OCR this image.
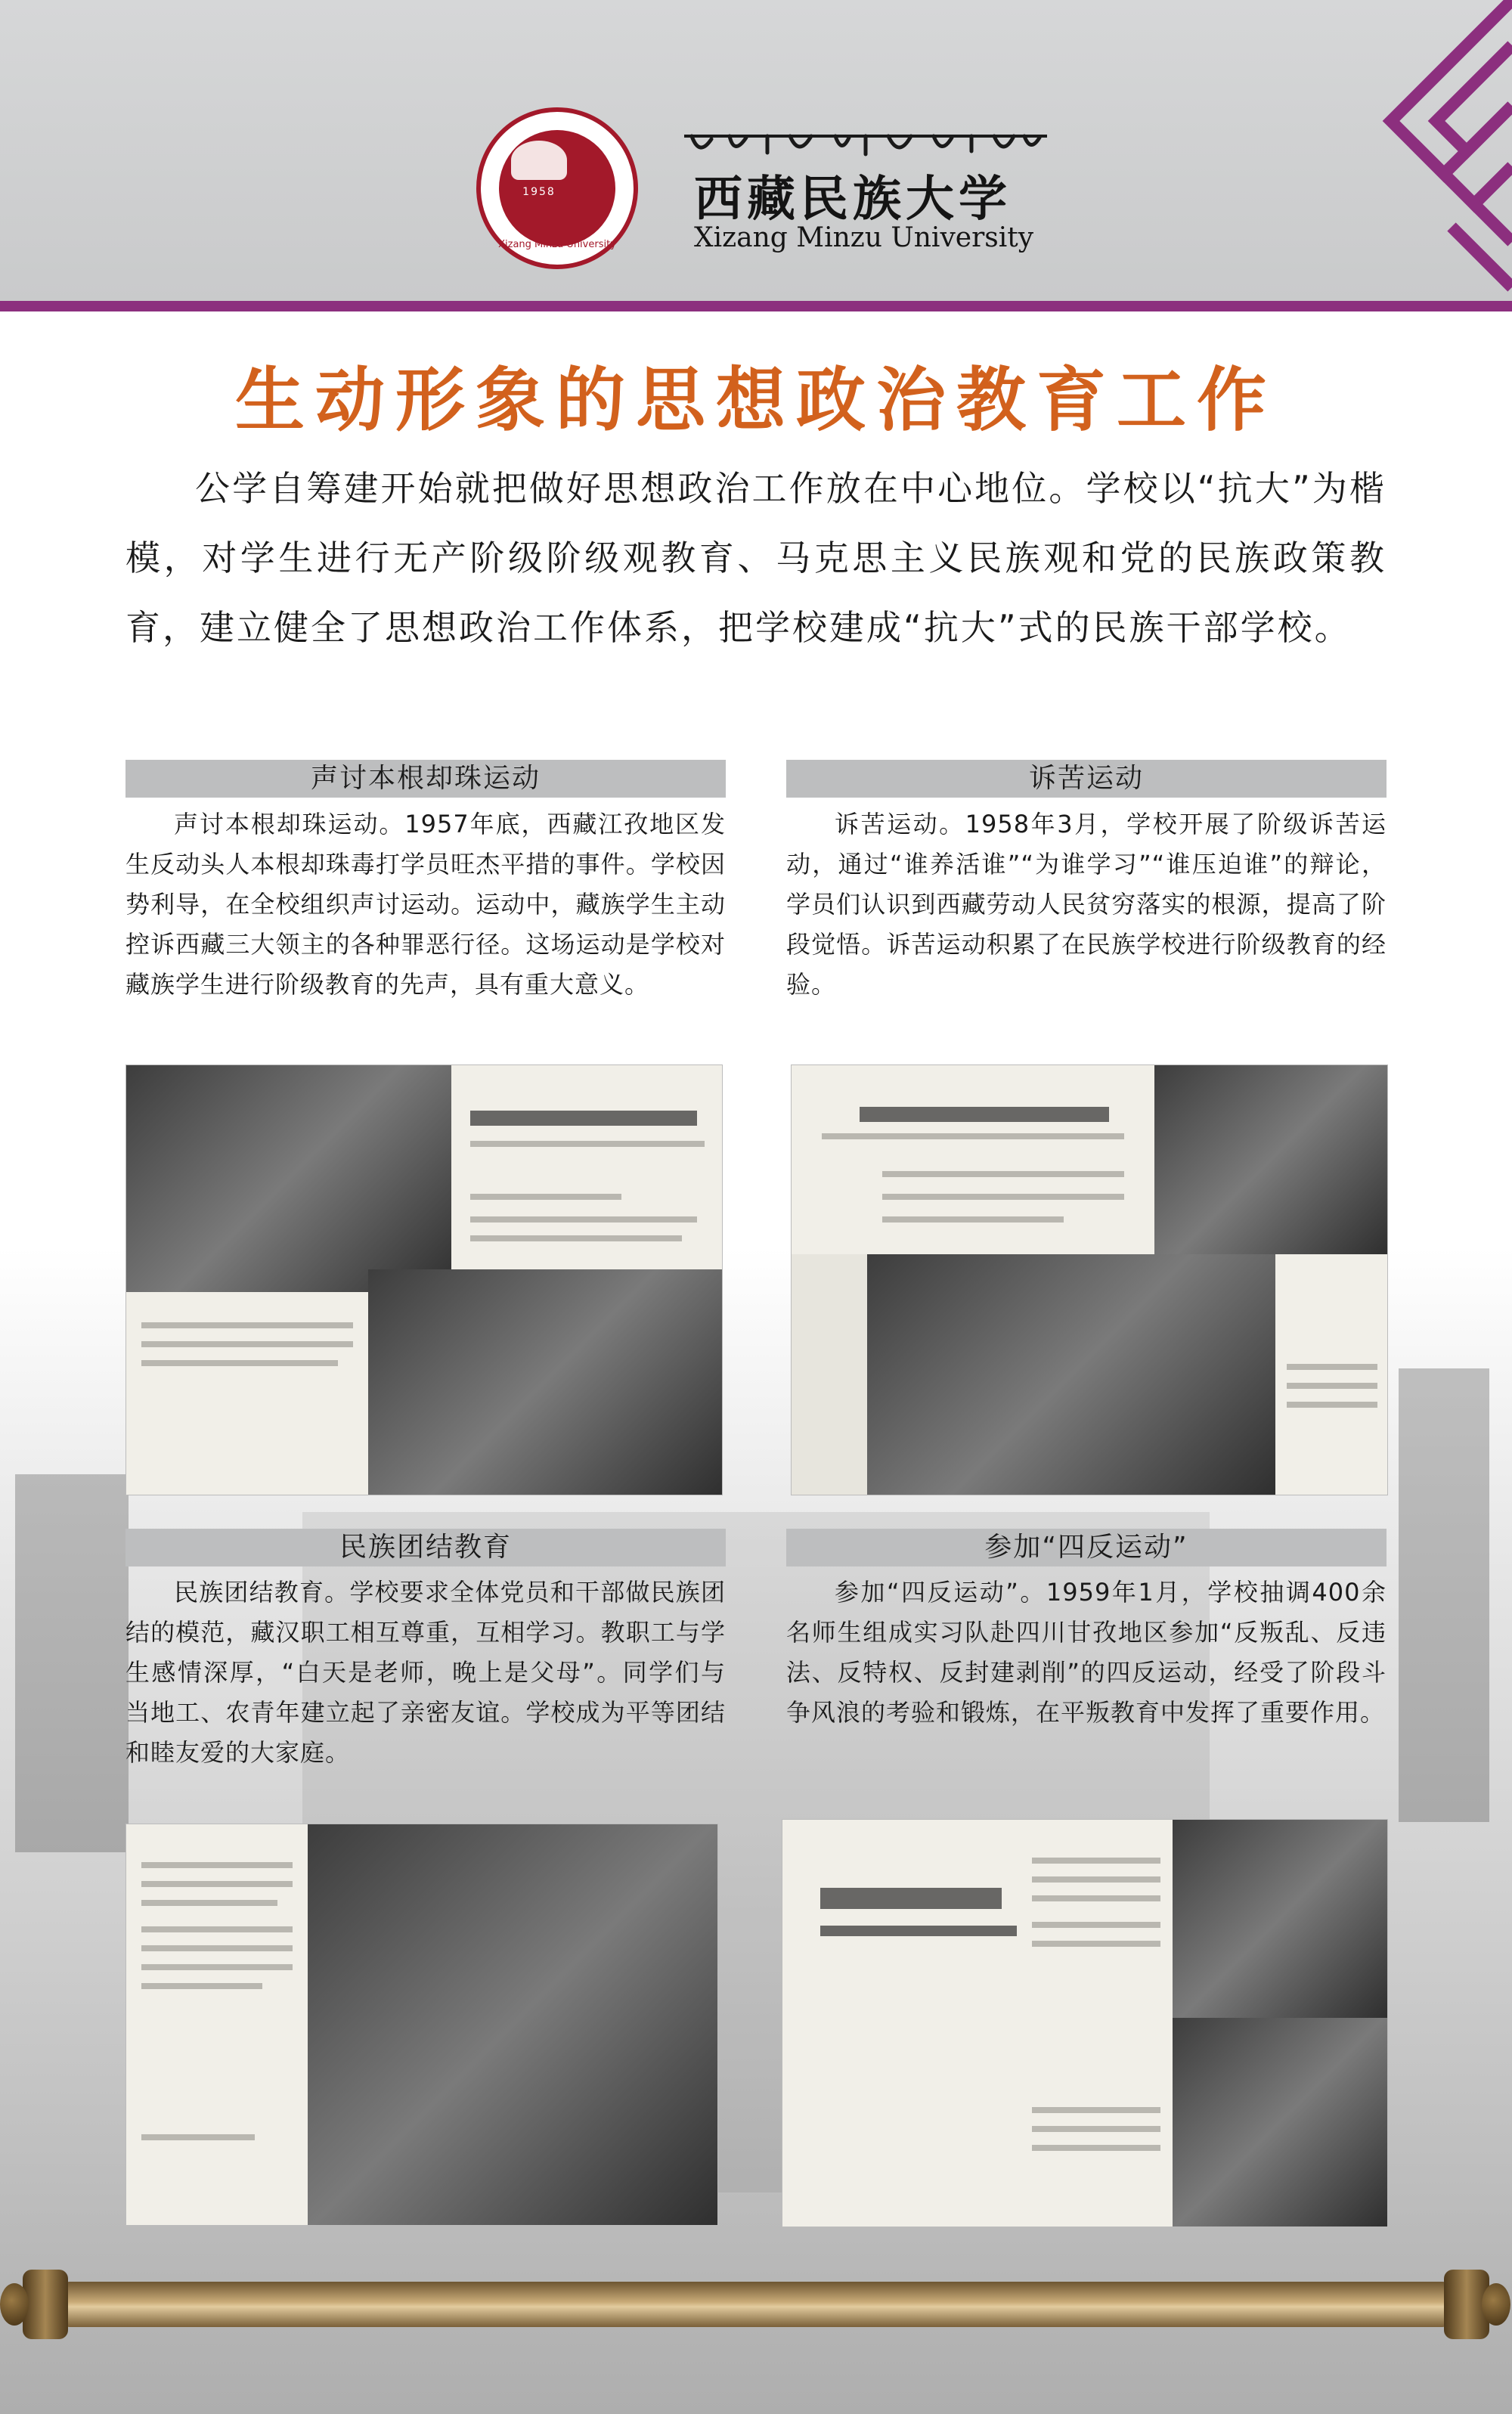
1958
Xizang Minzu University
西藏民族大学
Xizang Minzu University
生动形象的思想政治教育工作
公学自筹建开始就把做好思想政治工作放在中心地位。学校以“抗大”为楷模，对学生进行无产阶级阶级观教育、马克思主义民族观和党的民族政策教育，建立健全了思想政治工作体系，把学校建成“抗大”式的民族干部学校。
声讨本根却珠运动
声讨本根却珠运动。1957年底，西藏江孜地区发生反动头人本根却珠毒打学员旺杰平措的事件。学校因势利导，在全校组织声讨运动。运动中，藏族学生主动控诉西藏三大领主的各种罪恶行径。这场运动是学校对藏族学生进行阶级教育的先声，具有重大意义。
诉苦运动
诉苦运动。1958年3月，学校开展了阶级诉苦运动，通过“谁养活谁”“为谁学习”“谁压迫谁”的辩论，学员们认识到西藏劳动人民贫穷落实的根源，提高了阶段觉悟。诉苦运动积累了在民族学校进行阶级教育的经验。
民族团结教育
民族团结教育。学校要求全体党员和干部做民族团结的模范，藏汉职工相互尊重，互相学习。教职工与学生感情深厚，“白天是老师，晚上是父母”。同学们与当地工、农青年建立起了亲密友谊。学校成为平等团结和睦友爱的大家庭。
参加“四反运动”
参加“四反运动”。1959年1月，学校抽调400余名师生组成实习队赴四川甘孜地区参加“反叛乱、反违法、反特权、反封建剥削”的四反运动，经受了阶段斗争风浪的考验和锻炼，在平叛教育中发挥了重要作用。
